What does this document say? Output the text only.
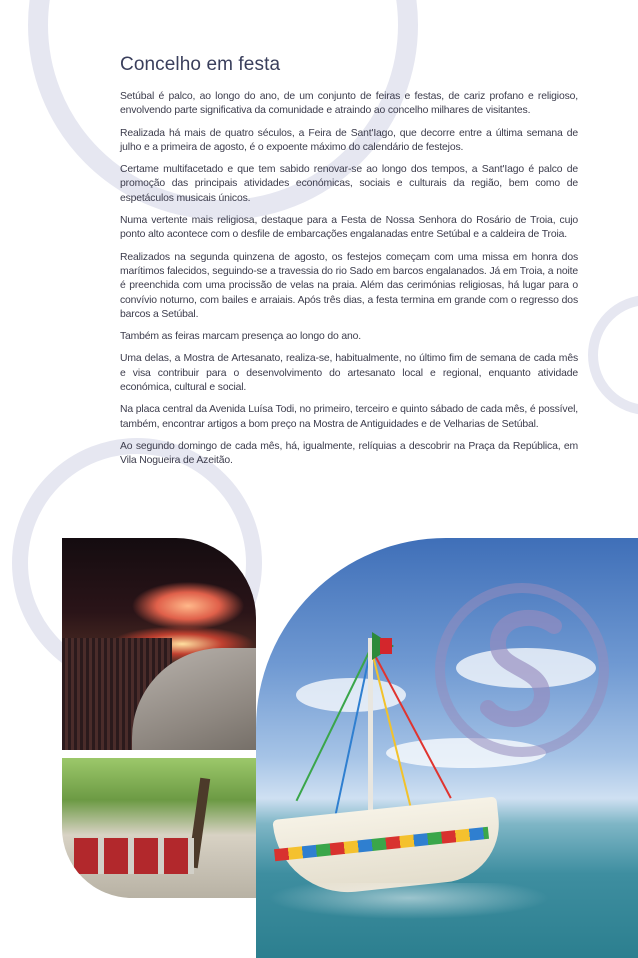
Concelho em festa

Setúbal é palco, ao longo do ano, de um conjunto de feiras e festas, de cariz profano e religioso, envolvendo parte significativa da comunidade e atraindo ao concelho milhares de visitantes.

Realizada há mais de quatro séculos, a Feira de Sant'Iago, que decorre entre a última semana de julho e a primeira de agosto, é o expoente máximo do calendário de festejos.

Certame multifacetado e que tem sabido renovar-se ao longo dos tempos, a Sant'Iago é palco de promoção das principais atividades económicas, sociais e culturais da região, bem como de espetáculos musicais únicos.

Numa vertente mais religiosa, destaque para a Festa de Nossa Senhora do Rosário de Troia, cujo ponto alto acontece com o desfile de embarcações engalanadas entre Setúbal e a caldeira de Troia.

Realizados na segunda quinzena de agosto, os festejos começam com uma missa em honra dos marítimos falecidos, seguindo-se a travessia do rio Sado em barcos engalanados. Já em Troia, a noite é preenchida com uma procissão de velas na praia. Além das cerimónias religiosas, há lugar para o convívio noturno, com bailes e arraiais. Após três dias, a festa termina em grande com o regresso dos barcos a Setúbal.

Também as feiras marcam presença ao longo do ano.

Uma delas, a Mostra de Artesanato, realiza-se, habitualmente, no último fim de semana de cada mês e visa contribuir para o desenvolvimento do artesanato local e regional, enquanto atividade económica, cultural e social.

Na placa central da Avenida Luísa Todi, no primeiro, terceiro e quinto sábado de cada mês, é possível, também, encontrar artigos a bom preço na Mostra de Antiguidades e de Velharias de Setúbal.

Ao segundo domingo de cada mês, há, igualmente, relíquias a descobrir na Praça da República, em Vila Nogueira de Azeitão.
